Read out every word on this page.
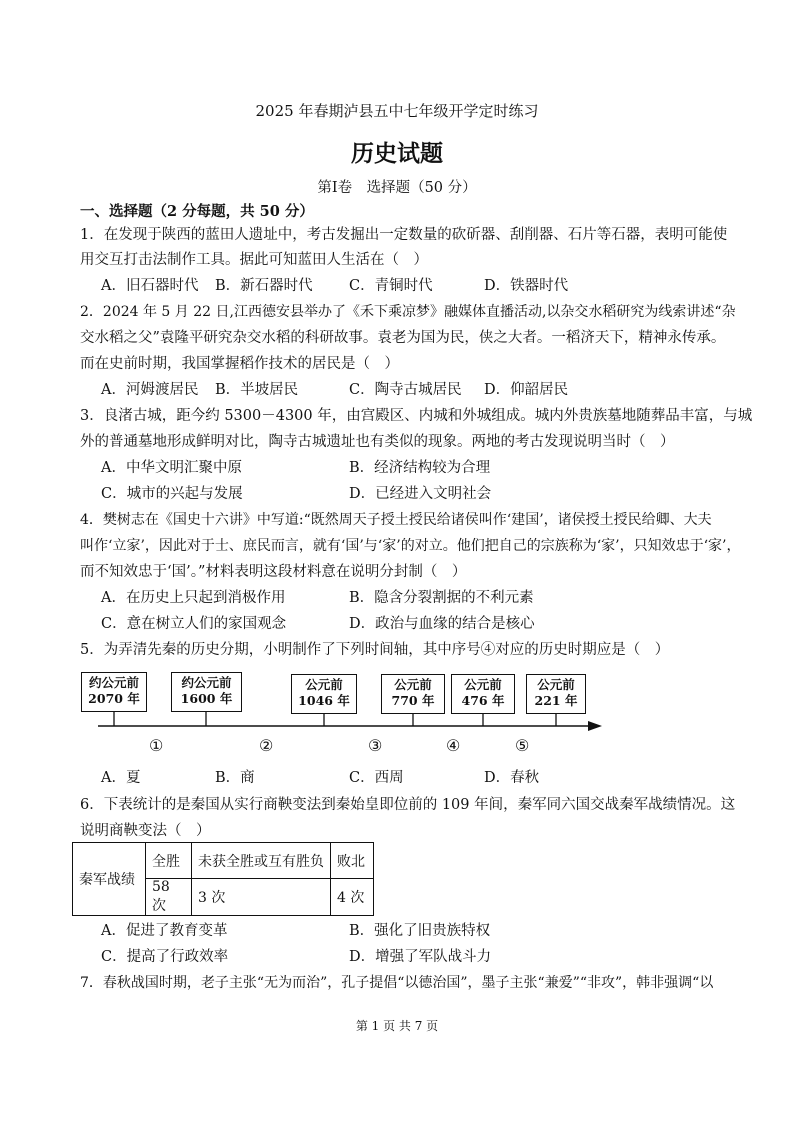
2025 年春期泸县五中七年级开学定时练习
历史试题
第Ⅰ卷　选择题（50 分）
一、选择题（2 分每题，共 50 分）
1．在发现于陕西的蓝田人遗址中，考古发掘出一定数量的砍斫器、刮削器、石片等石器，表明可能使
用交互打击法制作工具。据此可知蓝田人生活在（　）
A．旧石器时代 B．新石器时代	C．青铜时代	D．铁器时代
2．2024 年 5 月 22 日,江西德安县举办了《禾下乘凉梦》融媒体直播活动,以杂交水稻研究为线索讲述“杂
交水稻之父”袁隆平研究杂交水稻的科研故事。袁老为国为民，侠之大者。一稻济天下，精神永传承。
而在史前时期，我国掌握稻作技术的居民是（　）
A．河姆渡居民 B．半坡居民	C．陶寺古城居民 D．仰韶居民
3．良渚古城，距今约 5300－4300 年，由宫殿区、内城和外城组成。城内外贵族墓地随葬品丰富，与城
外的普通墓地形成鲜明对比，陶寺古城遗址也有类似的现象。两地的考古发现说明当时（　）
A．中华文明汇聚中原	B．经济结构较为合理
C．城市的兴起与发展	D．已经进入文明社会
4．樊树志在《国史十六讲》中写道:“既然周天子授土授民给诸侯叫作‘建国’，诸侯授土授民给卿、大夫
叫作‘立家’，因此对于士、庶民而言，就有‘国’与‘家’的对立。他们把自己的宗族称为‘家’，只知效忠于‘家’，
而不知效忠于‘国’。”材料表明这段材料意在说明分封制（　）
A．在历史上只起到消极作用	B．隐含分裂割据的不利元素
C．意在树立人们的家国观念	D．政治与血缘的结合是核心
5．为弄清先秦的历史分期，小明制作了下列时间轴，其中序号④对应的历史时期应是（　）
约公元前
2070 年
约公元前
1600 年
公元前
1046 年
公元前
770 年
公元前
476 年
公元前
221 年
①	②	③	④	⑤
A．夏	B．商	C．西周	D．春秋
6．下表统计的是秦国从实行商鞅变法到秦始皇即位前的 109 年间，秦军同六国交战秦军战绩情况。这
说明商鞅变法（　）
秦军战绩	全胜	未获全胜或互有胜负	败北
	58 次	3 次	4 次
A．促进了教育变革	B．强化了旧贵族特权
C．提高了行政效率	D．增强了军队战斗力
7．春秋战国时期，老子主张“无为而治”，孔子提倡“以德治国”，墨子主张“兼爱”“非攻”，韩非强调“以
第 1 页 共 7 页
